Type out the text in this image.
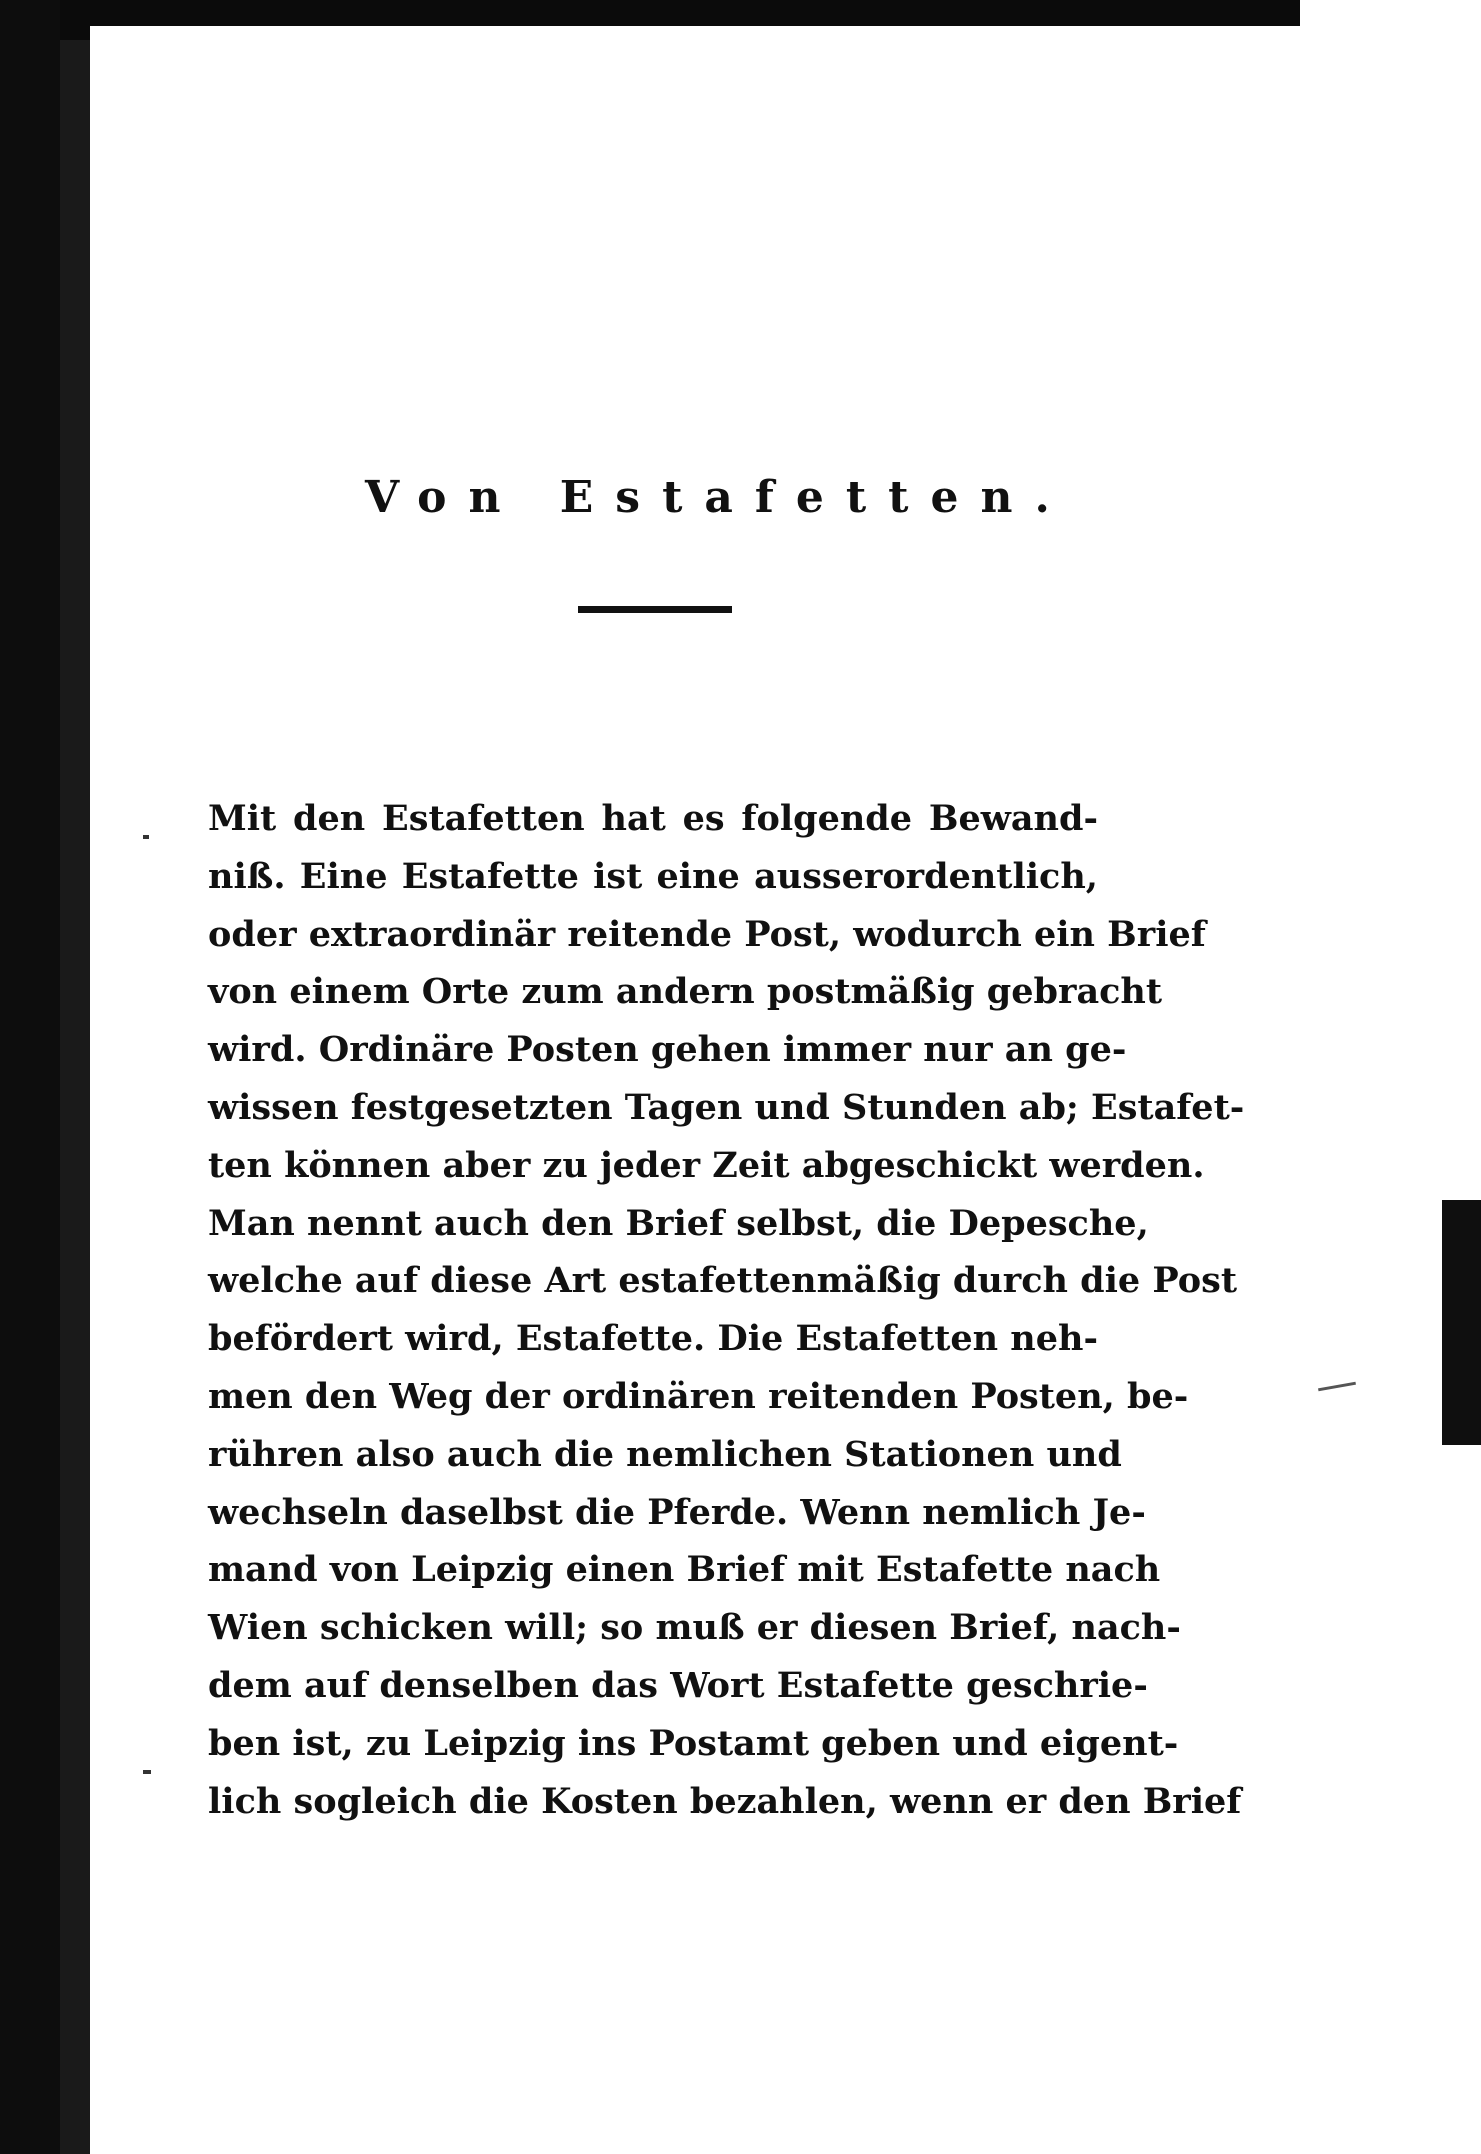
Von Estafetten.
Mit den Estafetten hat es folgende Bewand-
niß. Eine Estafette ist eine ausserordentlich,
oder extraordinär reitende Post, wodurch ein Brief
von einem Orte zum andern postmäßig gebracht
wird. Ordinäre Posten gehen immer nur an ge-
wissen festgesetzten Tagen und Stunden ab; Estafet-
ten können aber zu jeder Zeit abgeschickt werden.
Man nennt auch den Brief selbst, die Depesche,
welche auf diese Art estafettenmäßig durch die Post
befördert wird, Estafette. Die Estafetten neh-
men den Weg der ordinären reitenden Posten, be-
rühren also auch die nemlichen Stationen und
wechseln daselbst die Pferde. Wenn nemlich Je-
mand von Leipzig einen Brief mit Estafette nach
Wien schicken will; so muß er diesen Brief, nach-
dem auf denselben das Wort Estafette geschrie-
ben ist, zu Leipzig ins Postamt geben und eigent-
lich sogleich die Kosten bezahlen, wenn er den Brief
